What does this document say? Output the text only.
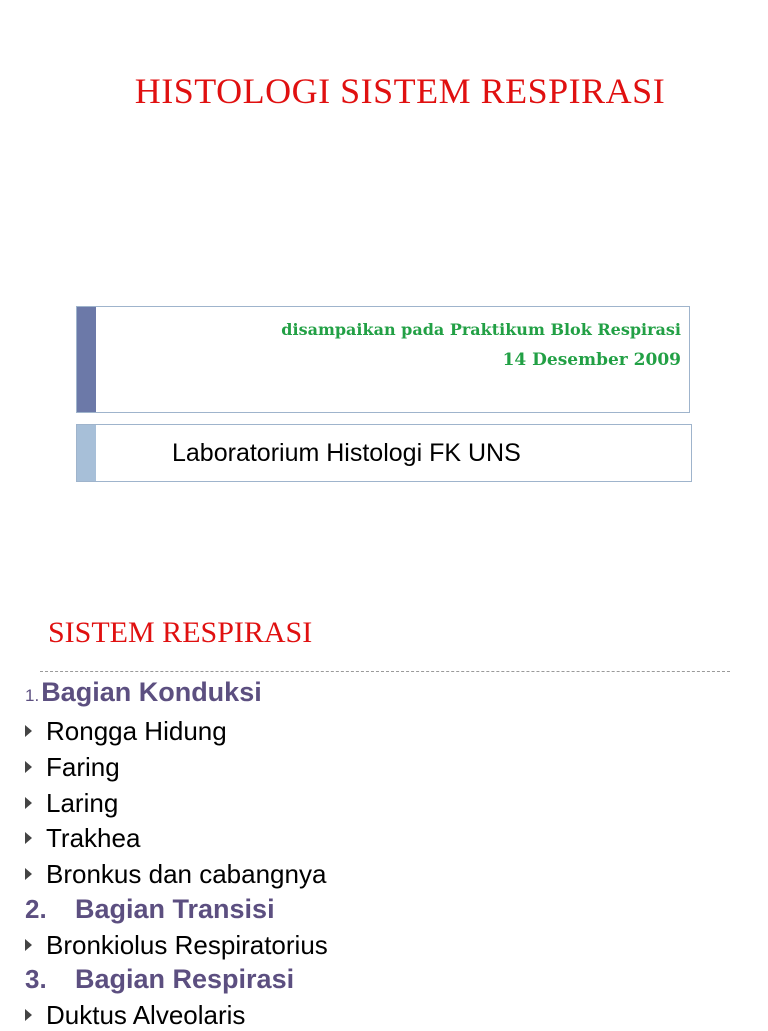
HISTOLOGI SISTEM RESPIRASI
disampaikan pada Praktikum Blok Respirasi
14 Desember 2009
Laboratorium Histologi FK UNS
SISTEM RESPIRASI
1.Bagian Konduksi
Rongga Hidung
Faring
Laring
Trakhea
Bronkus dan cabangnya
2. Bagian Transisi
Bronkiolus Respiratorius
3. Bagian Respirasi
Duktus Alveolaris
